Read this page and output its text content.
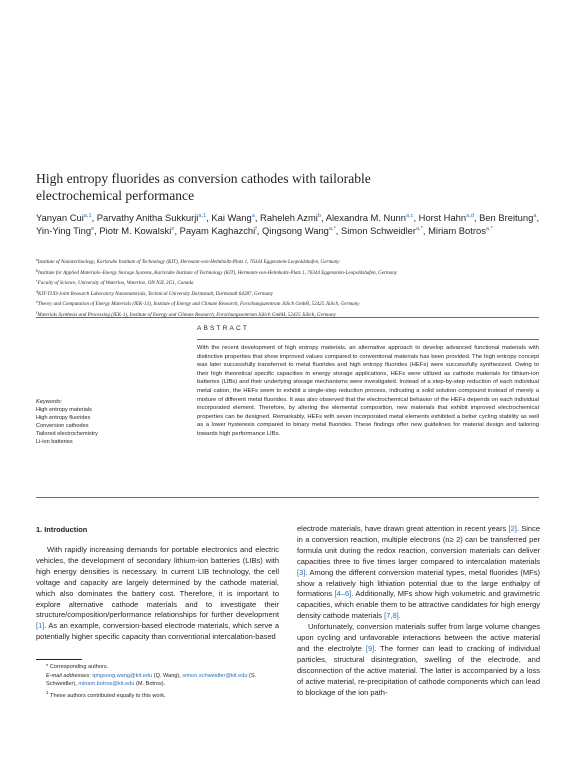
High entropy fluorides as conversion cathodes with tailorable electrochemical performance
Yanyan Cui$^{a,1}$, Parvathy Anitha Sukkurji$^{a,1}$, Kai Wang$^a$, Raheleh Azmi$^b$, Alexandra M. Nunn$^{a,c}$, Horst Hahn$^{a,d}$, Ben Breitung$^a$, Yin-Ying Ting$^e$, Piotr M. Kowalski$^e$, Payam Kaghazchi$^f$, Qingsong Wang$^{a,*}$, Simon Schweidler$^{a,*}$, Miriam Botros$^{a,*}$
$^a$Institute of Nanotechnology, Karlsruhe Institute of Technology (KIT), Hermann-von-Helmholtz-Platz 1, 76344 Eggenstein-Leopoldshafen, Germany
$^b$Institute for Applied Materials–Energy Storage Systems, Karlsruhe Institute of Technology (KIT), Hermann-von-Helmholtz-Platz 1, 76344 Eggenstein-Leopoldshafen, Germany
$^c$Faculty of Science, University of Waterloo, Waterloo, ON N2L 3G1, Canada
$^d$KIT-TUD-Joint Research Laboratory Nanomaterials, Technical University Darmstadt, Darmstadt 64287, Germany
$^e$Theory and Computation of Energy Materials (IEK-13), Institute of Energy and Climate Research, Forschungszentrum Jülich GmbH, 52425 Jülich, Germany
$^f$Materials Synthesis and Processing (IEK-1), Institute of Energy and Climate Research, Forschungszentrum Jülich GmbH, 52425 Jülich, Germany
ABSTRACT
With the recent development of high entropy materials, an alternative approach to develop advanced functional materials with distinctive properties that show improved values compared to conventional materials has been provided. The high entropy concept was later successfully transferred to metal fluorides and high entropy fluorides (HEFs) were successfully synthesized. Owing to their high theoretical specific capacities in energy storage applications, HEFs were utilized as cathode materials for lithium-ion batteries (LIBs) and their underlying storage mechanisms were investigated. Instead of a step-by-step reduction of each individual metal cation, the HEFs seem to exhibit a single-step reduction process, indicating a solid solution compound instead of merely a mixture of different metal fluorides. It was also observed that the electrochemical behavior of the HEFs depends on each individual incorporated element. Therefore, by altering the elemental composition, new materials that exhibit improved electrochemical properties can be designed. Remarkably, HEFs with seven incorporated metal elements exhibited a better cycling stability as well as a lower hysteresis compared to binary metal fluorides. These findings offer new guidelines for material design and tailoring towards high performance LIBs.
Keywords:
High entropy materials
High entropy fluorides
Conversion cathodes
Tailored electrochemistry
Li-ion batteries
1. Introduction

With rapidly increasing demands for portable electronics and electric vehicles, the development of secondary lithium-ion batteries (LIBs) with high energy densities is necessary. In current LIB technology, the cell voltage and capacity are largely determined by the cathode material, which also dominates the battery cost. Therefore, it is important to explore alternative cathode materials and to investigate their structure/composition/performance relationships for further development [1]. As an example, conversion-based electrode materials, which serve a potentially higher specific capacity than conventional intercalation-based

electrode materials, have drawn great attention in recent years [2]. Since in a conversion reaction, multiple electrons (n≥ 2) can be transferred per formula unit during the redox reaction, conversion materials can deliver capacities three to five times larger compared to intercalation materials [3]. Among the different conversion material types, metal fluorides (MFs) show a relatively high lithiation potential due to the large enthalpy of formations [4–6]. Additionally, MFs show high volumetric and gravimetric capacities, which enable them to be attractive candidates for high energy density cathode materials [7,8].

Unfortunately, conversion materials suffer from large volume changes upon cycling and unfavorable interactions between the active material and the electrolyte [9]. The former can lead to cracking of individual particles, structural disintegration, swelling of the electrode, and disconnection of the active material. The latter is accompanied by a loss of active material, re-precipitation of cathode components which can lead to blockage of the ion path-

* Corresponding authors.
E-mail addresses: qingsong.wang@kit.edu (Q. Wang), simon.schweidler@kit.edu (S. Schweidler), miriam.botros@kit.edu (M. Botros).
$^1$ These authors contributed equally to this work.
